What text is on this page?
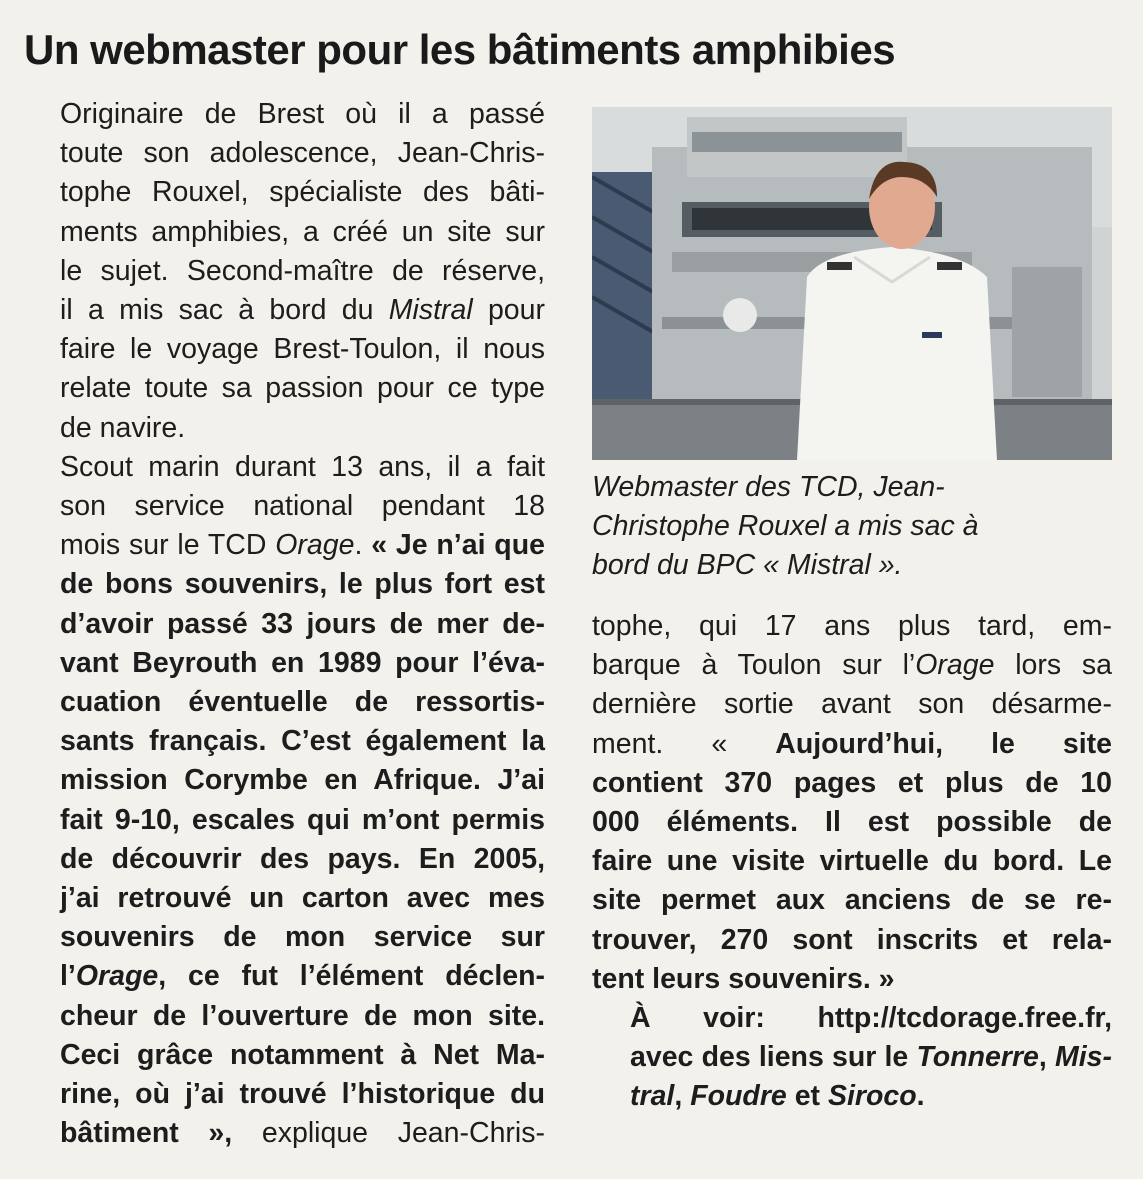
Un webmaster pour les bâtiments amphibies

Originaire de Brest où il a passé
toute son adolescence, Jean-Chris-
tophe Rouxel, spécialiste des bâti-
ments amphibies, a créé un site sur
le sujet. Second-maître de réserve,
il a mis sac à bord du Mistral pour
faire le voyage Brest-Toulon, il nous
relate toute sa passion pour ce type
de navire.

Scout marin durant 13 ans, il a fait
son service national pendant 18
mois sur le TCD Orage. « Je n’ai que
de bons souvenirs, le plus fort est
d’avoir passé 33 jours de mer de-
vant Beyrouth en 1989 pour l’éva-
cuation éventuelle de ressortis-
sants français. C’est également la
mission Corymbe en Afrique. J’ai
fait 9-10, escales qui m’ont permis
de découvrir des pays. En 2005,
j’ai retrouvé un carton avec mes
souvenirs de mon service sur
l’Orage, ce fut l’élément déclen-
cheur de l’ouverture de mon site.
Ceci grâce notamment à Net Ma-
rine, où j’ai trouvé l’historique du
bâtiment », explique Jean-Chris-

Webmaster des TCD, Jean-
Christophe Rouxel a mis sac à
bord du BPC « Mistral ».

tophe, qui 17 ans plus tard, em-
barque à Toulon sur l’Orage lors sa
dernière sortie avant son désarme-
ment. « Aujourd’hui, le site
contient 370 pages et plus de 10
000 éléments. Il est possible de
faire une visite virtuelle du bord. Le
site permet aux anciens de se re-
trouver, 270 sont inscrits et rela-
tent leurs souvenirs. »

À voir: http://tcdorage.free.fr,
avec des liens sur le Tonnerre, Mis-
tral, Foudre et Siroco.
